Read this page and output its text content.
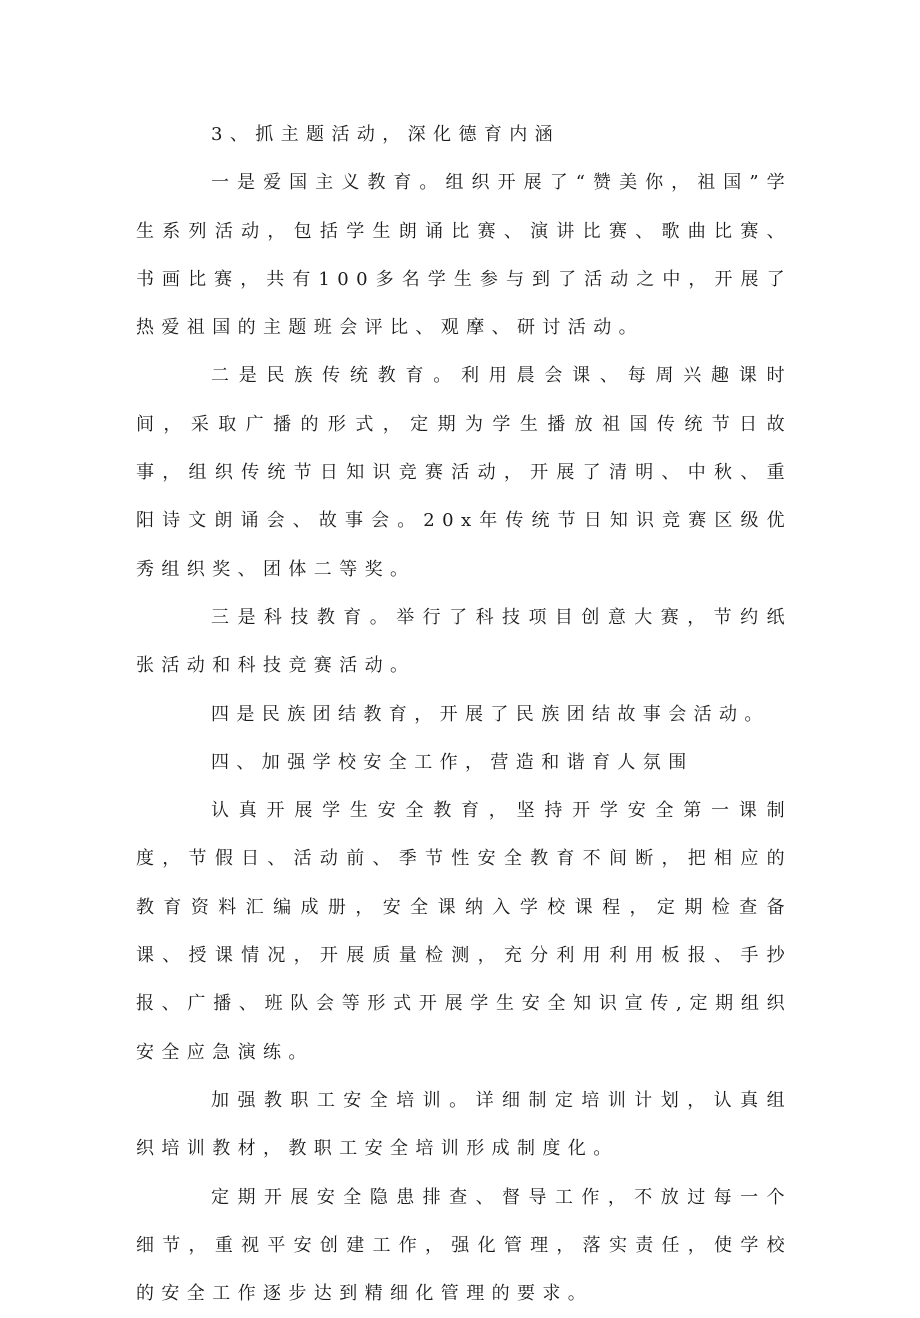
3、抓主题活动，深化德育内涵

一是爱国主义教育。组织开展了“赞美你，祖国”学生系列活动，包括学生朗诵比赛、演讲比赛、歌曲比赛、书画比赛，共有100多名学生参与到了活动之中，开展了热爱祖国的主题班会评比、观摩、研讨活动。

二是民族传统教育。利用晨会课、每周兴趣课时间，采取广播的形式，定期为学生播放祖国传统节日故事，组织传统节日知识竞赛活动，开展了清明、中秋、重阳诗文朗诵会、故事会。20x年传统节日知识竞赛区级优秀组织奖、团体二等奖。

三是科技教育。举行了科技项目创意大赛，节约纸张活动和科技竞赛活动。

四是民族团结教育，开展了民族团结故事会活动。

四、加强学校安全工作，营造和谐育人氛围

认真开展学生安全教育，坚持开学安全第一课制度，节假日、活动前、季节性安全教育不间断，把相应的教育资料汇编成册，安全课纳入学校课程，定期检查备课、授课情况，开展质量检测，充分利用利用板报、手抄报、广播、班队会等形式开展学生安全知识宣传,定期组织安全应急演练。

加强教职工安全培训。详细制定培训计划，认真组织培训教材，教职工安全培训形成制度化。

定期开展安全隐患排查、督导工作，不放过每一个细节，重视平安创建工作，强化管理，落实责任，使学校的安全工作逐步达到精细化管理的要求。
